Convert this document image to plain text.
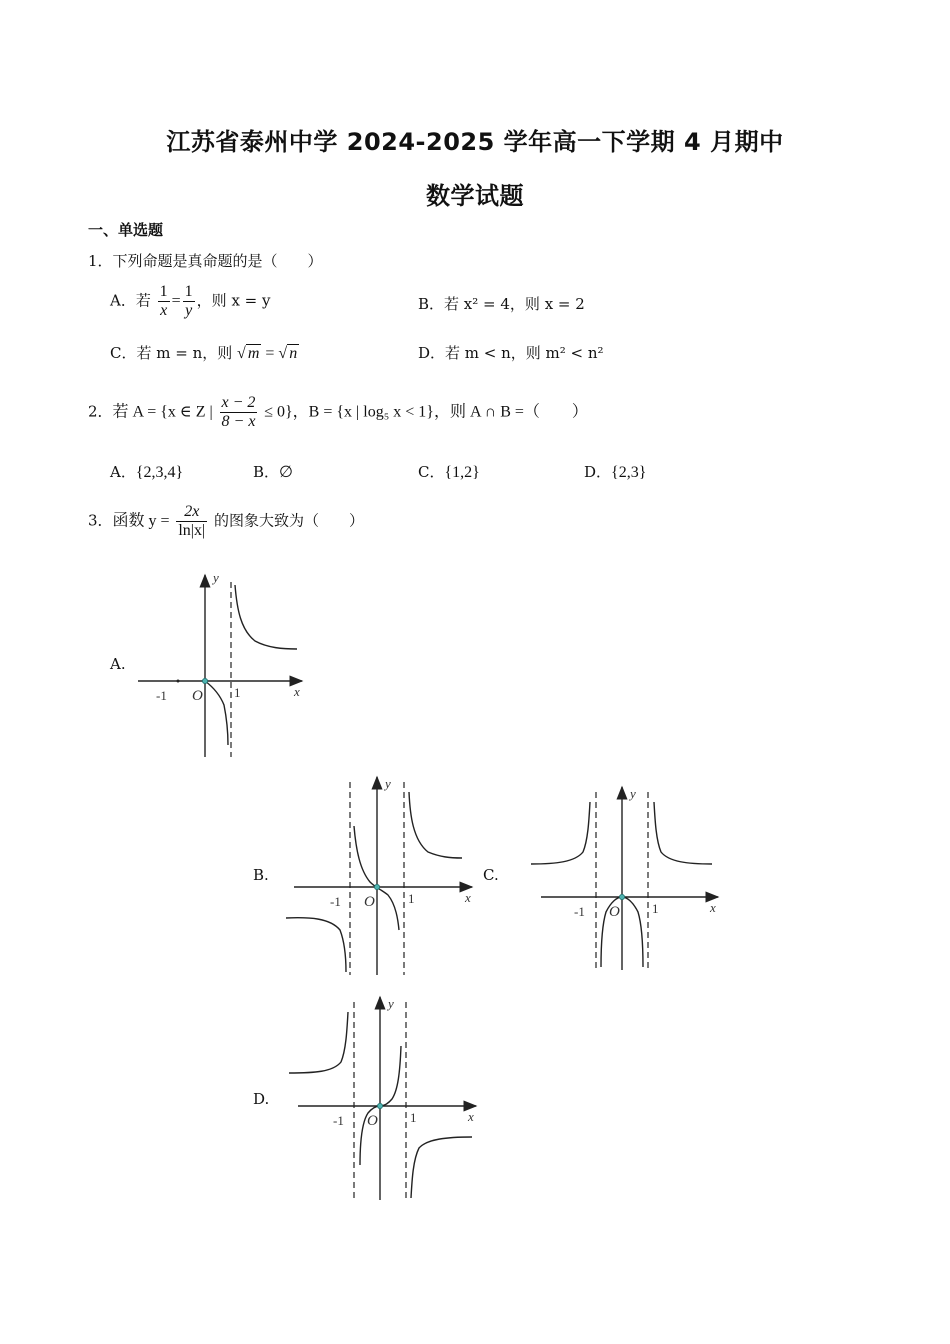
江苏省泰州中学 2024-2025 学年高一下学期 4 月期中
数学试题
一、单选题
1．下列命题是真命题的是（　　）
A．若 $\frac{1}{x} = \frac{1}{y}$ ，则 x = y	B．若 x² = 4，则 x = 2
C．若 m = n，则 √ m = √ n	D．若 m < n，则 m² < n²
2．若 A = {x ∈ Z | $\frac{x - 2}{8 - x} \le 0$}，B = {x | log₅ x < 1}，则 A ∩ B =（　　）
A．{2,3,4}	B．∅	C．{1,2}	D．{2,3}
3．函数 $y = \frac{2x}{\ln|x|}$ 的图象大致为（　　）
A.
B.	C.
D.
y
x
O
-1	1
y
x
O
-1	1
y
x
O
-1	1
y
x
O
-1	1
